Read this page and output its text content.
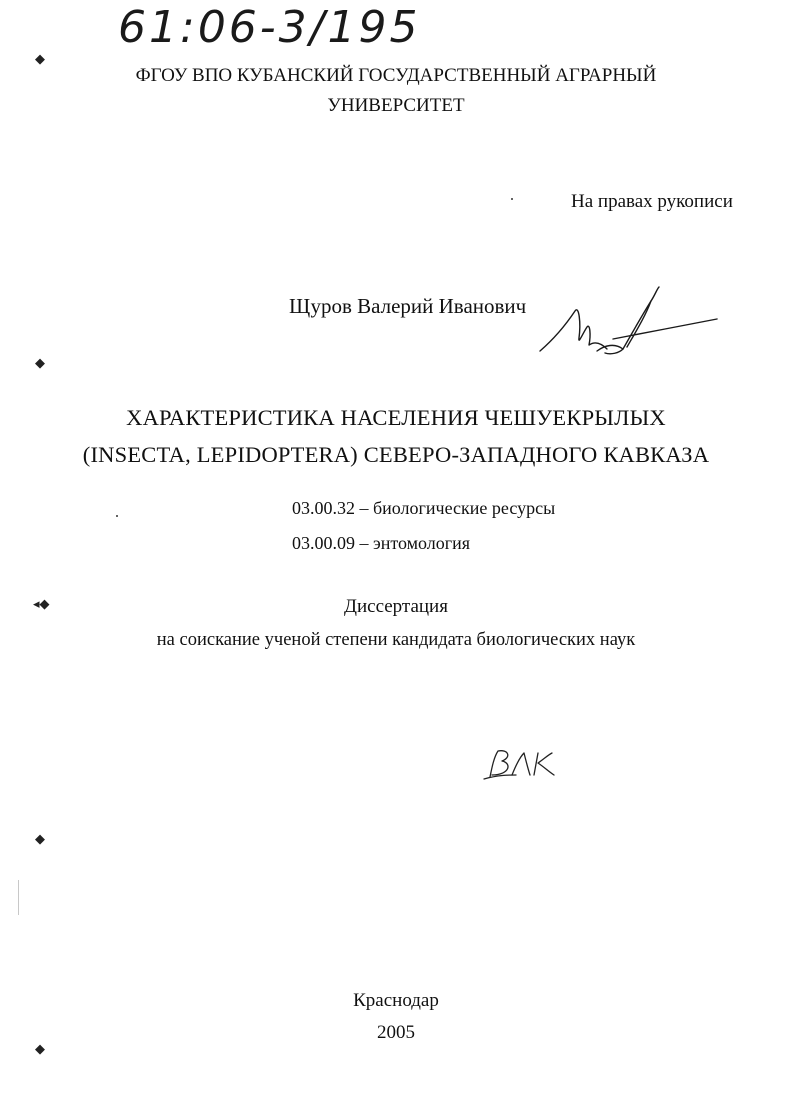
61:06-3/195
ФГОУ ВПО КУБАНСКИЙ ГОСУДАРСТВЕННЫЙ АГРАРНЫЙ
УНИВЕРСИТЕТ
На правах рукописи
Щуров Валерий Иванович
ХАРАКТЕРИСТИКА НАСЕЛЕНИЯ ЧЕШУЕКРЫЛЫХ
(INSECTA, LEPIDOPTERA) СЕВЕРО-ЗАПАДНОГО КАВКАЗА
03.00.32 – биологические ресурсы
03.00.09 – энтомология
Диссертация
на соискание ученой степени кандидата биологических наук
Краснодар
2005
◆
◆
◂◆
◆
◆
